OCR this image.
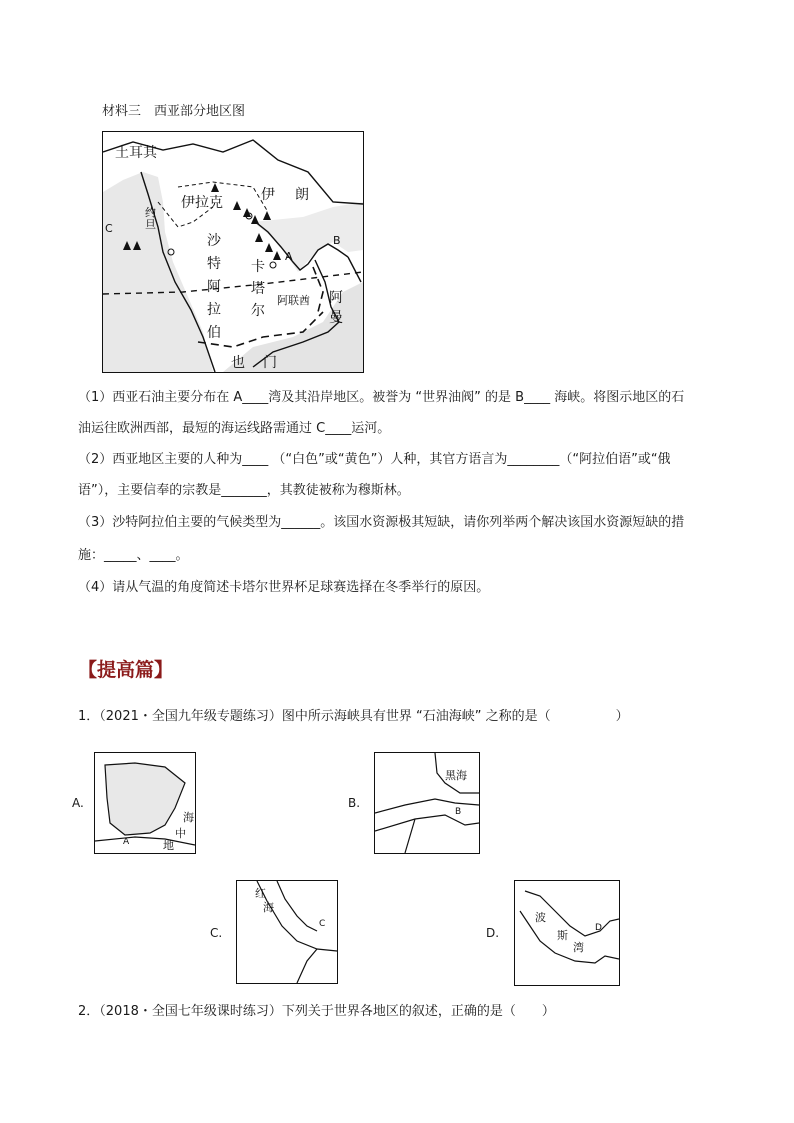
材料三　西亚部分地区图
土耳其
伊拉克	伊 朗
约
旦
沙
特
阿
拉
伯
卡
塔
尔
阿联酋 阿
曼
也 门
A
B
C
（1）西亚石油主要分布在 A____湾及其沿岸地区。被誉为 “世界油阀” 的是 B____ 海峡。将图示地区的石
油运往欧洲西部，最短的海运线路需通过 C____运河。
（2）西亚地区主要的人种为____ （“白色”或“黄色”）人种，其官方语言为________（“阿拉伯语”或“俄
语”），主要信奉的宗教是_______，其教徒被称为穆斯林。
（3）沙特阿拉伯主要的气候类型为______。该国水资源极其短缺，请你列举两个解决该国水资源短缺的措
施：_____、____。
（4）请从气温的角度简述卡塔尔世界杯足球赛选择在冬季举行的原因。
【提高篇】
1．（2021・全国九年级专题练习）图中所示海峡具有世界 “石油海峡” 之称的是（　　　　　）
A.
海
中
地
A
B.
黑海
B
C.
红
海
C
D.
波
斯
湾
D
2．（2018・全国七年级课时练习）下列关于世界各地区的叙述，正确的是（　　）
